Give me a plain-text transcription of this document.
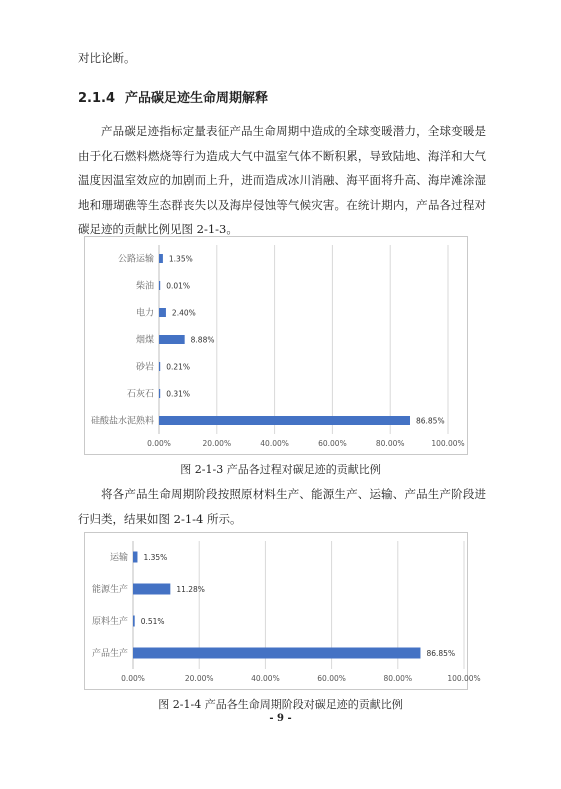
对比论断。
2.1.4 产品碳足迹生命周期解释
产品碳足迹指标定量表征产品生命周期中造成的全球变暖潜力，全球变暖是由于化石燃料燃烧等行为造成大气中温室气体不断积累，导致陆地、海洋和大气温度因温室效应的加剧而上升，进而造成冰川消融、海平面将升高、海岸滩涂湿地和珊瑚礁等生态群丧失以及海岸侵蚀等气候灾害。在统计期内，产品各过程对碳足迹的贡献比例见图 2-1-3。
0.00%	20.00%	40.00%	60.00%	80.00%	100.00%
公路运输 1.35%
柴油 0.01%
电力 2.40%
烟煤	8.88%
砂岩 0.21%
石灰石 0.31%
硅酸盐水泥熟料	86.85%
图 2-1-3 产品各过程对碳足迹的贡献比例
将各产品生命周期阶段按照原材料生产、能源生产、运输、产品生产阶段进行归类，结果如图 2-1-4 所示。
0.00%	20.00%	40.00%	60.00%	80.00%	100.00%
运输 1.35%
能源生产	11.28%
原料生产 0.51%
产品生产	86.85%
图 2-1-4 产品各生命周期阶段对碳足迹的贡献比例
- 9 -
